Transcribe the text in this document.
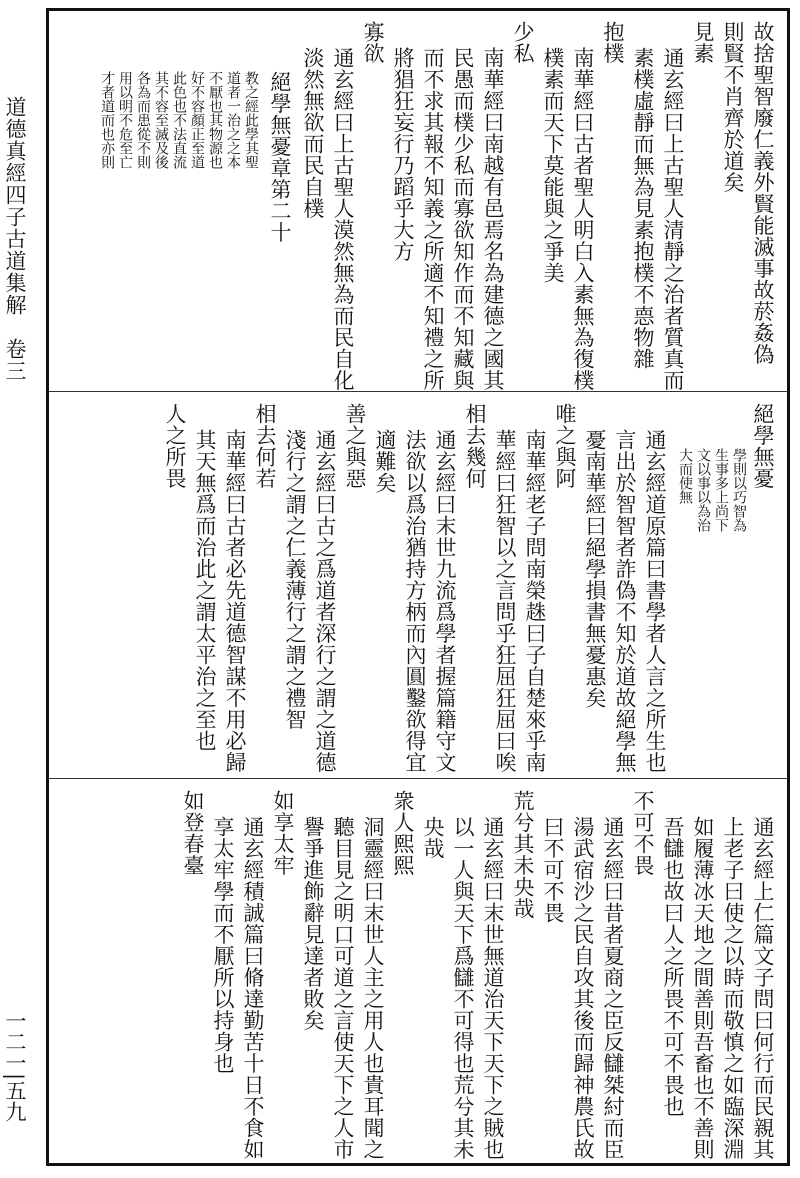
道德真經四子古道集解　卷三
一二一|五九
故捨聖智廢仁義外賢能滅事故菸姦偽
則賢不肖齊於道矣
見素
通玄經曰上古聖人清靜之治者質真而
素樸虛靜而無為見素抱樸不𢛳物雜
抱樸
南華經曰古者聖人明白入素無為復樸
樸素而天下莫能與之爭美
少私
南華經曰南越有邑焉名為建德之國其
民愚而樸少私而寡欲知作而不知藏與
而不求其報不知義之所適不知禮之所
將猖狂妄行乃蹈乎大方
寡欲
通玄經曰上古聖人漠然無為而民自化
淡然無欲而民自樸
絕學無憂章第二十
教之經此學其聖
道者一治之之本
不厭也其物源也
好不容顏正至道
此色也不法直流
其不容至滅及後
各為而患從不則
用以明不危至亡
才者道而也亦則
絕學無憂
學則以巧智為
生事多上尚下
文以事以為治
大而使無
通玄經道原篇曰書學者人言之所生也
言出於智智者詐偽不知於道故絕學無
憂南華經曰絕學損書無憂惠矣
唯之與阿
南華經老子問南榮趎曰子自楚來乎南
華經曰狂智以之言問乎狂屈狂屈曰唉
相去幾何
通玄經曰末世九流爲學者握篇籍守文
法欲以爲治猶持方柄而內圓鑿欲得宜
適難矣
善之與惡
通玄經曰古之爲道者深行之謂之道德
淺行之謂之仁義薄行之謂之禮智
相去何若
南華經曰古者必先道德智謀不用必歸
其天無爲而治此之謂太平治之至也
人之所畏
通玄經上仁篇文子問曰何行而民親其
上老子曰使之以時而敬慎之如臨深淵
如履薄冰天地之間善則吾畜也不善則
吾讎也故曰人之所畏不可不畏也
不可不畏
通玄經曰昔者夏商之臣反讎桀紂而臣
湯武宿沙之民自攻其後而歸神農氏故
曰不可不畏
荒兮其未央哉
通玄經曰末世無道治天下天下之賊也
以一人與天下爲讎不可得也荒兮其未
央哉
衆人熙熙
洞靈經曰末世人主之用人也貴耳聞之
聽目見之明口可道之言使天下之人市
譽爭進飾辭見達者敗矣
如享太牢
通玄經積誠篇曰脩達勤苦十日不食如
享太牢學而不厭所以持身也
如登春臺
